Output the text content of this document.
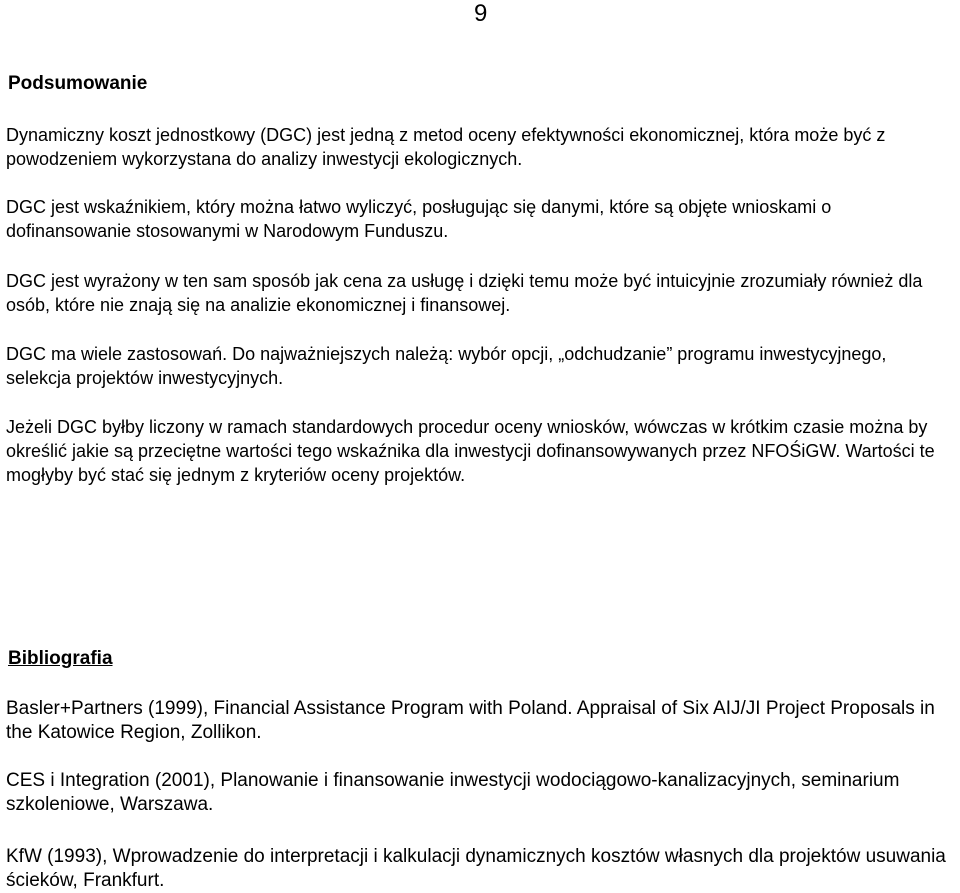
9
Podsumowanie

Dynamiczny koszt jednostkowy (DGC) jest jedną z metod oceny efektywności ekonomicznej, która może być z powodzeniem wykorzystana do analizy inwestycji ekologicznych.

DGC jest wskaźnikiem, który można łatwo wyliczyć, posługując się danymi, które są objęte wnioskami o dofinansowanie stosowanymi w Narodowym Funduszu.

DGC jest wyrażony w ten sam sposób jak cena za usługę i dzięki temu może być intuicyjnie zrozumiały również dla osób, które nie znają się na analizie ekonomicznej i finansowej.

DGC ma wiele zastosowań. Do najważniejszych należą: wybór opcji, „odchudzanie” programu inwestycyjnego, selekcja projektów inwestycyjnych.

Jeżeli DGC byłby liczony w ramach standardowych procedur oceny wniosków, wówczas w krótkim czasie można by określić jakie są przeciętne wartości tego wskaźnika dla inwestycji dofinansowywanych przez NFOŚiGW. Wartości te mogłyby być stać się jednym z kryteriów oceny projektów.

Bibliografia

Basler+Partners (1999), Financial Assistance Program with Poland. Appraisal of Six AIJ/JI Project Proposals in the Katowice Region, Zollikon.

CES i Integration (2001), Planowanie i finansowanie inwestycji wodociągowo-kanalizacyjnych, seminarium szkoleniowe, Warszawa.

KfW (1993), Wprowadzenie do interpretacji i kalkulacji dynamicznych kosztów własnych dla projektów usuwania ścieków, Frankfurt.
